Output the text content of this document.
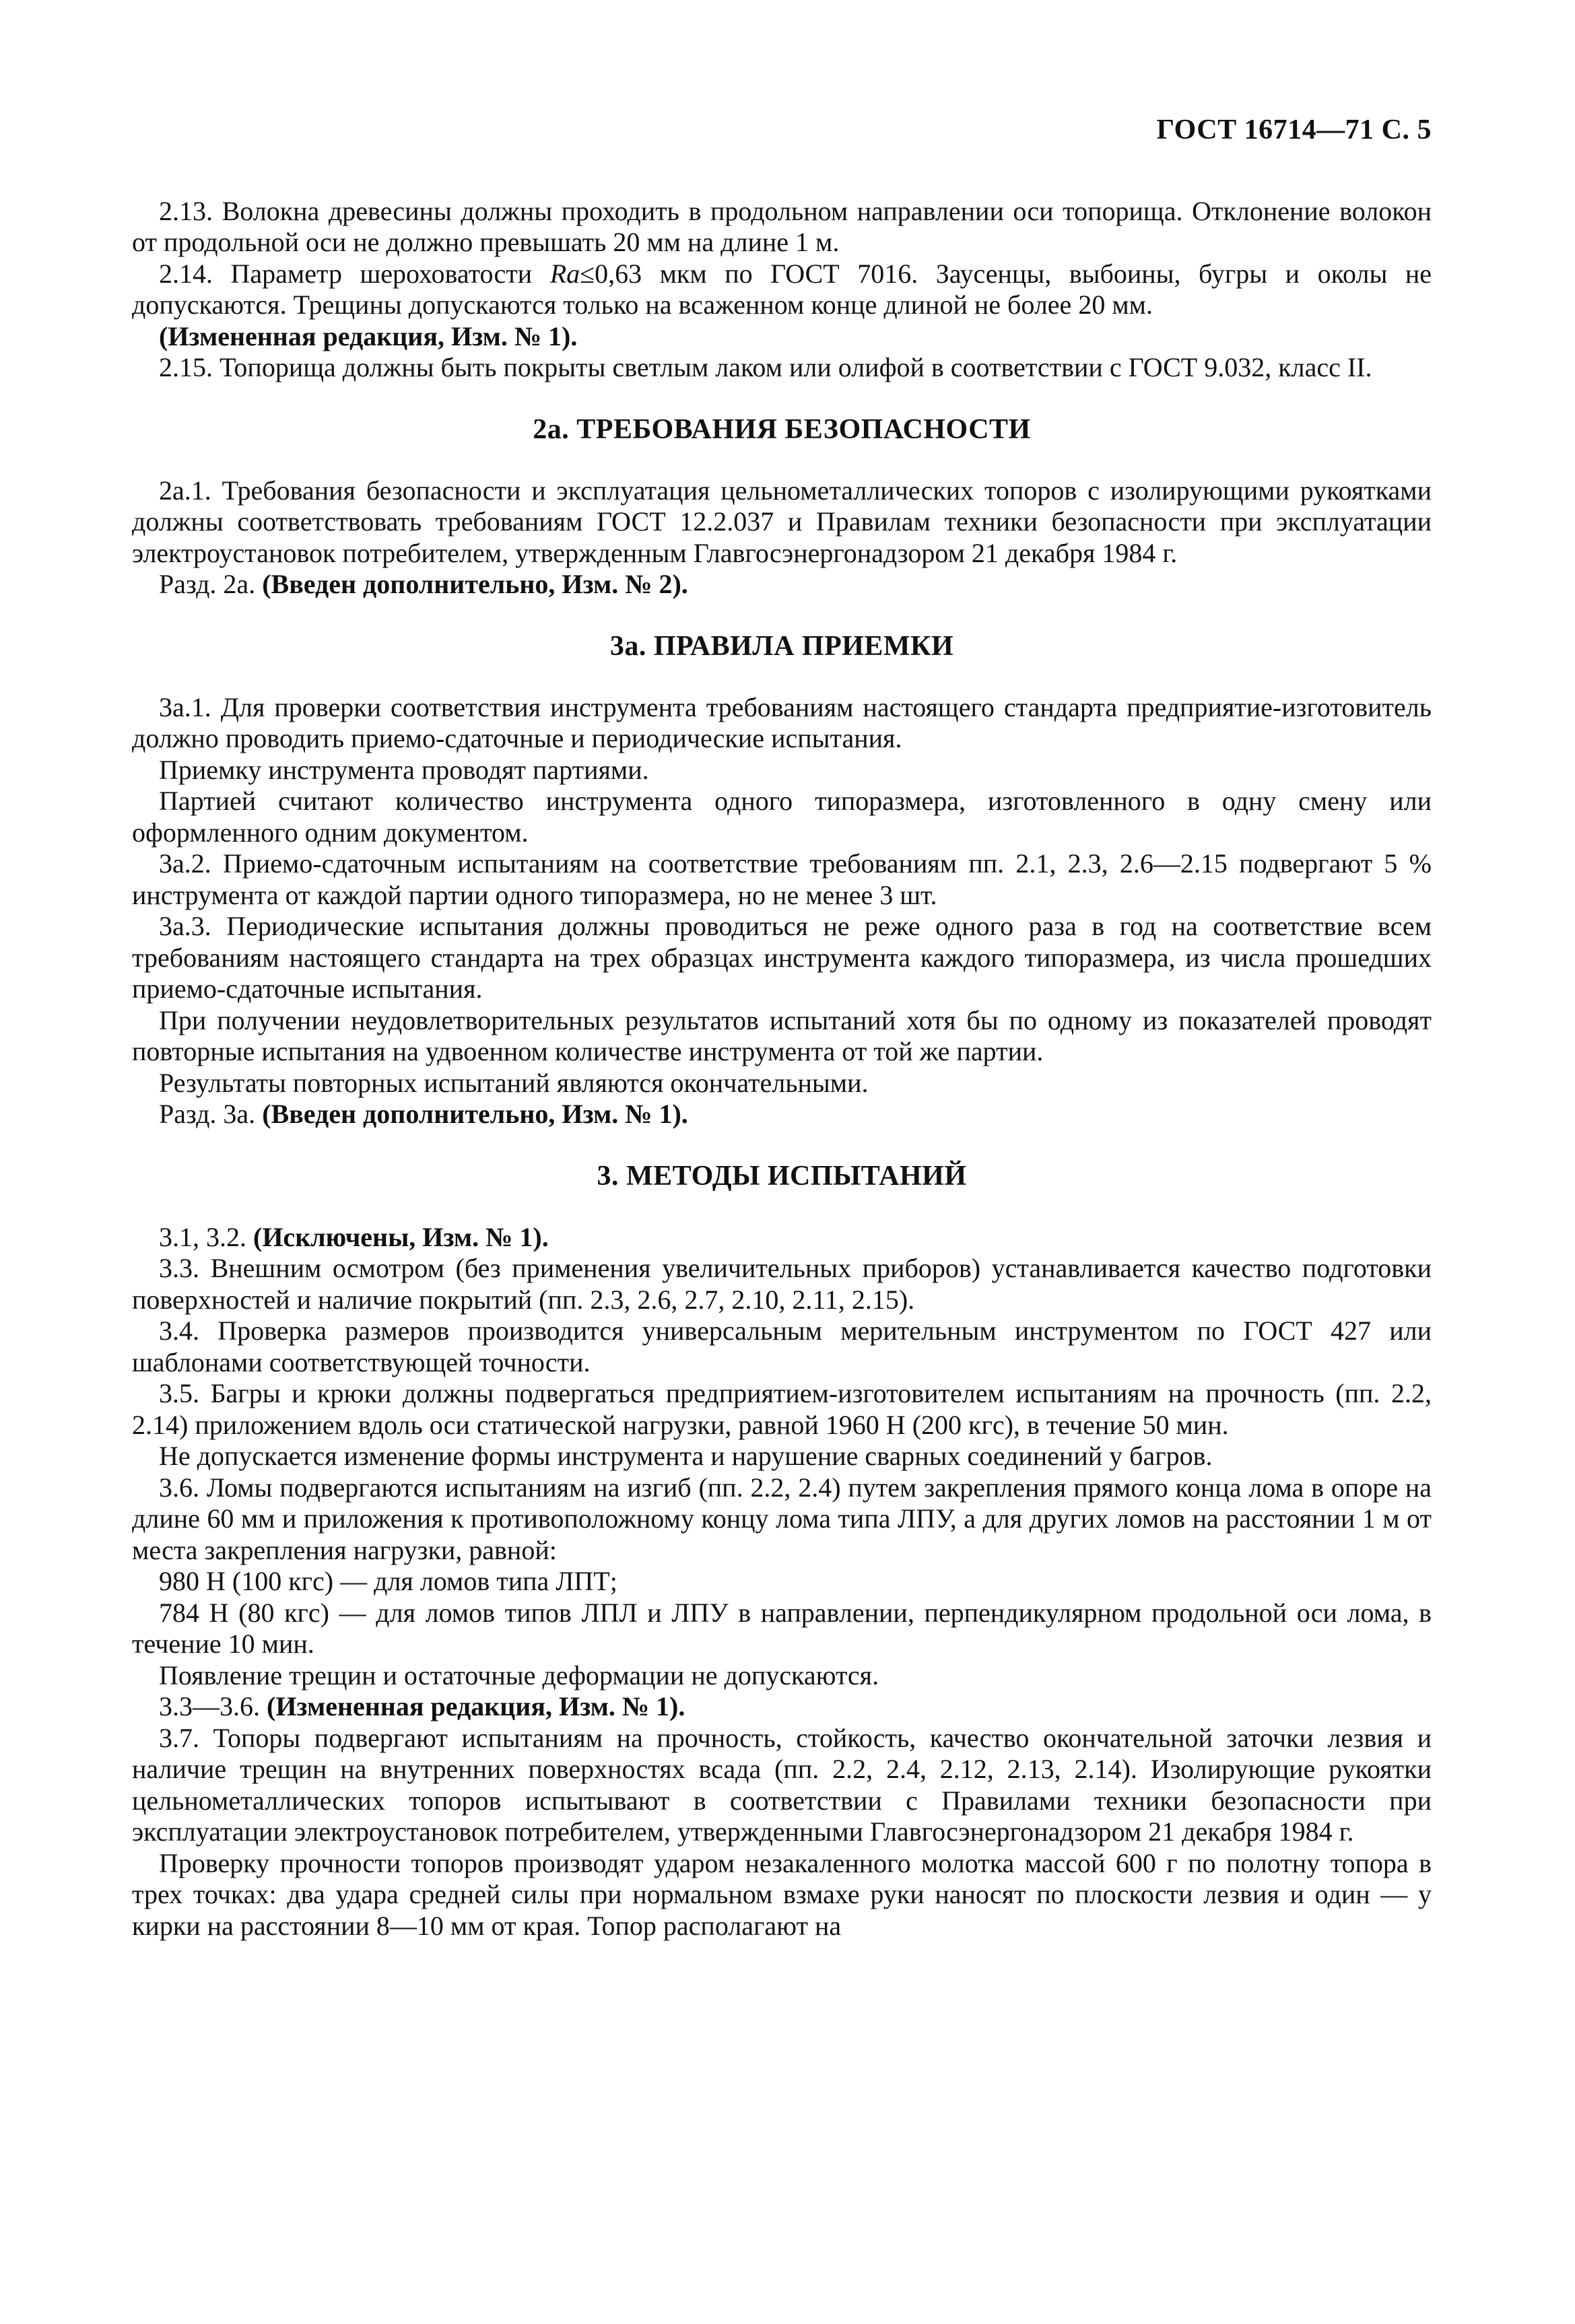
ГОСТ 16714—71 С. 5

2.13. Волокна древесины должны проходить в продольном направлении оси топорища. Отклонение волокон от продольной оси не должно превышать 20 мм на длине 1 м.

2.14. Параметр шероховатости Ra≤0,63 мкм по ГОСТ 7016. Заусенцы, выбоины, бугры и околы не допускаются. Трещины допускаются только на всаженном конце длиной не более 20 мм.

(Измененная редакция, Изм. № 1).

2.15. Топорища должны быть покрыты светлым лаком или олифой в соответствии с ГОСТ 9.032, класс II.

2а. ТРЕБОВАНИЯ БЕЗОПАСНОСТИ

2а.1. Требования безопасности и эксплуатация цельнометаллических топоров с изолирующими рукоятками должны соответствовать требованиям ГОСТ 12.2.037 и Правилам техники безопасности при эксплуатации электроустановок потребителем, утвержденным Главгосэнергонадзором 21 декабря 1984 г.

Разд. 2а. (Введен дополнительно, Изм. № 2).

3а. ПРАВИЛА ПРИЕМКИ

3а.1. Для проверки соответствия инструмента требованиям настоящего стандарта предприятие-изготовитель должно проводить приемо-сдаточные и периодические испытания.

Приемку инструмента проводят партиями.

Партией считают количество инструмента одного типоразмера, изготовленного в одну смену или оформленного одним документом.

3а.2. Приемо-сдаточным испытаниям на соответствие требованиям пп. 2.1, 2.3, 2.6—2.15 подвергают 5 % инструмента от каждой партии одного типоразмера, но не менее 3 шт.

3а.3. Периодические испытания должны проводиться не реже одного раза в год на соответствие всем требованиям настоящего стандарта на трех образцах инструмента каждого типоразмера, из числа прошедших приемо-сдаточные испытания.

При получении неудовлетворительных результатов испытаний хотя бы по одному из показателей проводят повторные испытания на удвоенном количестве инструмента от той же партии.

Результаты повторных испытаний являются окончательными.

Разд. 3а. (Введен дополнительно, Изм. № 1).

3. МЕТОДЫ ИСПЫТАНИЙ

3.1, 3.2. (Исключены, Изм. № 1).

3.3. Внешним осмотром (без применения увеличительных приборов) устанавливается качество подготовки поверхностей и наличие покрытий (пп. 2.3, 2.6, 2.7, 2.10, 2.11, 2.15).

3.4. Проверка размеров производится универсальным мерительным инструментом по ГОСТ 427 или шаблонами соответствующей точности.

3.5. Багры и крюки должны подвергаться предприятием-изготовителем испытаниям на прочность (пп. 2.2, 2.14) приложением вдоль оси статической нагрузки, равной 1960 Н (200 кгс), в течение 50 мин.

Не допускается изменение формы инструмента и нарушение сварных соединений у багров.

3.6. Ломы подвергаются испытаниям на изгиб (пп. 2.2, 2.4) путем закрепления прямого конца лома в опоре на длине 60 мм и приложения к противоположному концу лома типа ЛПУ, а для других ломов на расстоянии 1 м от места закрепления нагрузки, равной:

980 Н (100 кгс) — для ломов типа ЛПТ;

784 Н (80 кгс) — для ломов типов ЛПЛ и ЛПУ в направлении, перпендикулярном продольной оси лома, в течение 10 мин.

Появление трещин и остаточные деформации не допускаются.

3.3—3.6. (Измененная редакция, Изм. № 1).

3.7. Топоры подвергают испытаниям на прочность, стойкость, качество окончательной заточки лезвия и наличие трещин на внутренних поверхностях всада (пп. 2.2, 2.4, 2.12, 2.13, 2.14). Изолирующие рукоятки цельнометаллических топоров испытывают в соответствии с Правилами техники безопасности при эксплуатации электроустановок потребителем, утвержденными Главгосэнергонадзором 21 декабря 1984 г.

Проверку прочности топоров производят ударом незакаленного молотка массой 600 г по полотну топора в трех точках: два удара средней силы при нормальном взмахе руки наносят по плоскости лезвия и один — у кирки на расстоянии 8—10 мм от края. Топор располагают на
